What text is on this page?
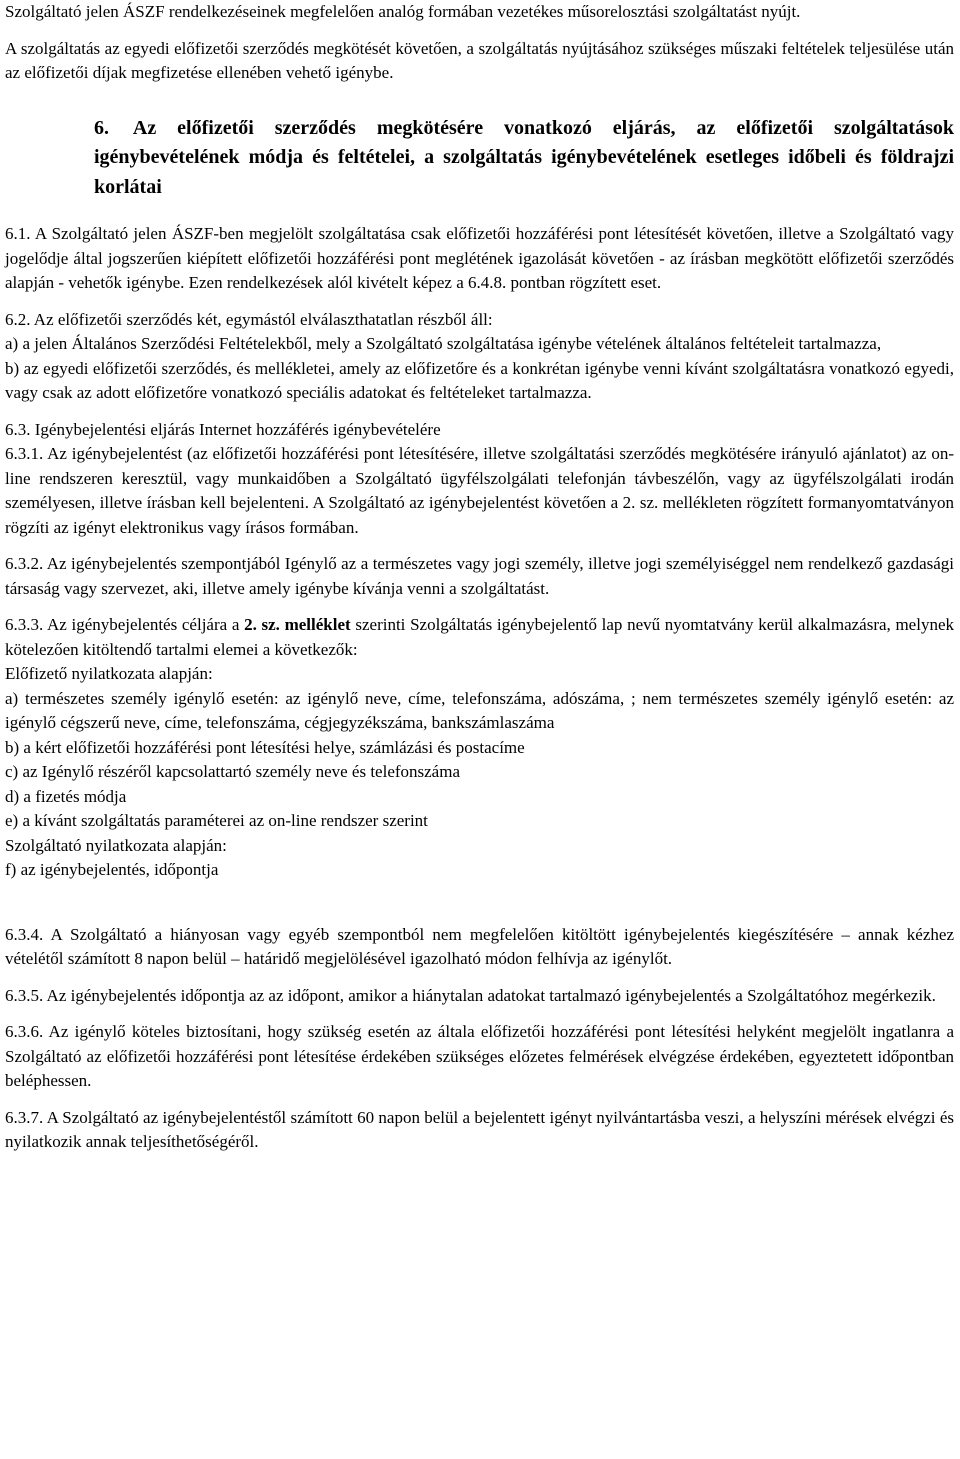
Szolgáltató jelen ÁSZF rendelkezéseinek megfelelően analóg formában vezetékes műsorelosztási szolgáltatást nyújt.

A szolgáltatás az egyedi előfizetői szerződés megkötését követően, a szolgáltatás nyújtásához szükséges műszaki feltételek teljesülése után az előfizetői díjak megfizetése ellenében vehető igénybe.

6. Az előfizetői szerződés megkötésére vonatkozó eljárás, az előfizetői szolgáltatások igénybevételének módja és feltételei, a szolgáltatás igénybevételének esetleges időbeli és földrajzi korlátai

6.1. A Szolgáltató jelen ÁSZF-ben megjelölt szolgáltatása csak előfizetői hozzáférési pont létesítését követően, illetve a Szolgáltató vagy jogelődje által jogszerűen kiépített előfizetői hozzáférési pont meglétének igazolását követően - az írásban megkötött előfizetői szerződés alapján - vehetők igénybe. Ezen rendelkezések alól kivételt képez a 6.4.8. pontban rögzített eset.

6.2. Az előfizetői szerződés két, egymástól elválaszthatatlan részből áll:

a) a jelen Általános Szerződési Feltételekből, mely a Szolgáltató szolgáltatása igénybe vételének általános feltételeit tartalmazza,

b) az egyedi előfizetői szerződés, és mellékletei, amely az előfizetőre és a konkrétan igénybe venni kívánt szolgáltatásra vonatkozó egyedi, vagy csak az adott előfizetőre vonatkozó speciális adatokat és feltételeket tartalmazza.

6.3. Igénybejelentési eljárás Internet hozzáférés igénybevételére

6.3.1. Az igénybejelentést (az előfizetői hozzáférési pont létesítésére, illetve szolgáltatási szerződés megkötésére irányuló ajánlatot) az on-line rendszeren keresztül, vagy munkaidőben a Szolgáltató ügyfélszolgálati telefonján távbeszélőn, vagy az ügyfélszolgálati irodán személyesen, illetve írásban kell bejelenteni. A Szolgáltató az igénybejelentést követően a 2. sz. mellékleten rögzített formanyomtatványon rögzíti az igényt elektronikus vagy írásos formában.

6.3.2. Az igénybejelentés szempontjából Igénylő az a természetes vagy jogi személy, illetve jogi személyiséggel nem rendelkező gazdasági társaság vagy szervezet, aki, illetve amely igénybe kívánja venni a szolgáltatást.

6.3.3. Az igénybejelentés céljára a 2. sz. melléklet szerinti Szolgáltatás igénybejelentő lap nevű nyomtatvány kerül alkalmazásra, melynek kötelezően kitöltendő tartalmi elemei a következők:

Előfizető nyilatkozata alapján:

a) természetes személy igénylő esetén: az igénylő neve, címe, telefonszáma, adószáma, ; nem természetes személy igénylő esetén: az igénylő cégszerű neve, címe, telefonszáma, cégjegyzékszáma, bankszámlaszáma

b) a kért előfizetői hozzáférési pont létesítési helye, számlázási és postacíme

c) az Igénylő részéről kapcsolattartó személy neve és telefonszáma

d) a fizetés módja

e) a kívánt szolgáltatás paraméterei az on-line rendszer szerint

Szolgáltató nyilatkozata alapján:

f) az igénybejelentés, időpontja

6.3.4. A Szolgáltató a hiányosan vagy egyéb szempontból nem megfelelően kitöltött igénybejelentés kiegészítésére – annak kézhez vételétől számított 8 napon belül – határidő megjelölésével igazolható módon felhívja az igénylőt.

6.3.5. Az igénybejelentés időpontja az az időpont, amikor a hiánytalan adatokat tartalmazó igénybejelentés a Szolgáltatóhoz megérkezik.

6.3.6. Az igénylő köteles biztosítani, hogy szükség esetén az általa előfizetői hozzáférési pont létesítési helyként megjelölt ingatlanra a Szolgáltató az előfizetői hozzáférési pont létesítése érdekében szükséges előzetes felmérések elvégzése érdekében, egyeztetett időpontban beléphessen.

6.3.7. A Szolgáltató az igénybejelentéstől számított 60 napon belül a bejelentett igényt nyilvántartásba veszi, a helyszíni mérések elvégzi és nyilatkozik annak teljesíthetőségéről.
